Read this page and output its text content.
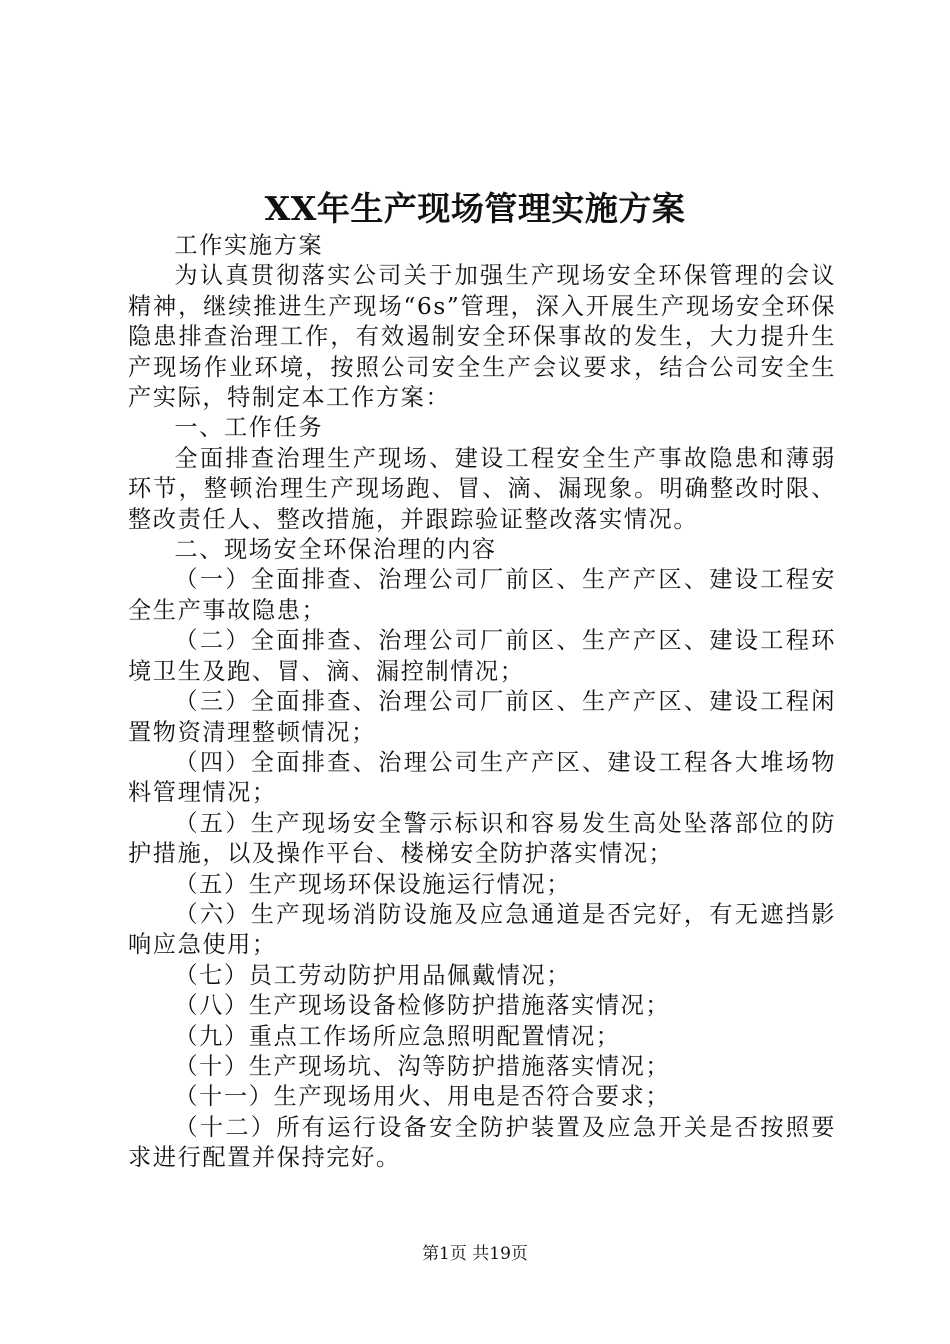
XX年生产现场管理实施方案

工作实施方案

为认真贯彻落实公司关于加强生产现场安全环保管理的会议精神，继续推进生产现场“6s”管理，深入开展生产现场安全环保隐患排查治理工作，有效遏制安全环保事故的发生，大力提升生产现场作业环境，按照公司安全生产会议要求，结合公司安全生产实际，特制定本工作方案：

一、工作任务

全面排查治理生产现场、建设工程安全生产事故隐患和薄弱环节，整顿治理生产现场跑、冒、滴、漏现象。明确整改时限、整改责任人、整改措施，并跟踪验证整改落实情况。

二、现场安全环保治理的内容

（一）全面排查、治理公司厂前区、生产产区、建设工程安全生产事故隐患；

（二）全面排查、治理公司厂前区、生产产区、建设工程环境卫生及跑、冒、滴、漏控制情况；

（三）全面排查、治理公司厂前区、生产产区、建设工程闲置物资清理整顿情况；

（四）全面排查、治理公司生产产区、建设工程各大堆场物料管理情况；

（五）生产现场安全警示标识和容易发生高处坠落部位的防护措施，以及操作平台、楼梯安全防护落实情况；

（五）生产现场环保设施运行情况；

（六）生产现场消防设施及应急通道是否完好，有无遮挡影响应急使用；

（七）员工劳动防护用品佩戴情况；

（八）生产现场设备检修防护措施落实情况；

（九）重点工作场所应急照明配置情况；

（十）生产现场坑、沟等防护措施落实情况；

（十一）生产现场用火、用电是否符合要求；

（十二）所有运行设备安全防护装置及应急开关是否按照要求进行配置并保持完好。

第1页 共19页
